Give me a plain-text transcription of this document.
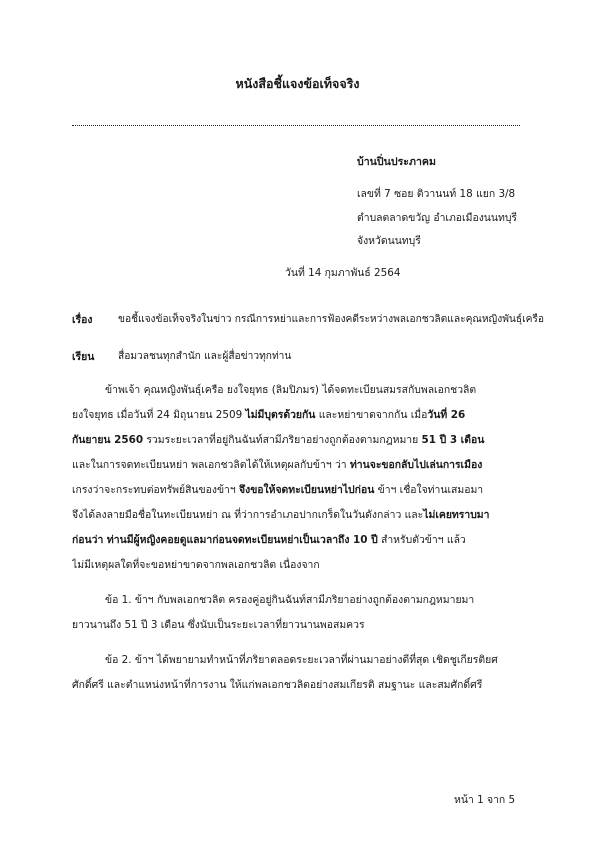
หนังสือชี้แจงข้อเท็จจริง
บ้านปิ่นประภาคม
เลขที่ 7 ซอย ติวานนท์ 18 แยก 3/8
ตำบลตลาดขวัญ อำเภอเมืองนนทบุรี
จังหวัดนนทบุรี
วันที่ 14 กุมภาพันธ์ 2564
เรื่อง	ขอชี้แจงข้อเท็จจริงในข่าว กรณีการหย่าและการฟ้องคดีระหว่างพลเอกชวลิตและคุณหญิงพันธุ์เครือ
เรียน สื่อมวลชนทุกสำนัก และผู้สื่อข่าวทุกท่าน
ข้าพเจ้า คุณหญิงพันธุ์เครือ ยงใจยุทธ (ลิมปิภมร) ได้จดทะเบียนสมรสกับพลเอกชวลิต
ยงใจยุทธ เมื่อวันที่ 24 มิถุนายน 2509 ไม่มีบุตรด้วยกัน และหย่าขาดจากกัน เมื่อวันที่ 26
กันยายน 2560 รวมระยะเวลาที่อยู่กินฉันท์สามีภริยาอย่างถูกต้องตามกฎหมาย 51 ปี 3 เดือน
และในการจดทะเบียนหย่า พลเอกชวลิตได้ให้เหตุผลกับข้าฯ ว่า ท่านจะขอกลับไปเล่นการเมือง
เกรงว่าจะกระทบต่อทรัพย์สินของข้าฯ จึงขอให้จดทะเบียนหย่าไปก่อน ข้าฯ เชื่อใจท่านเสมอมา
จึงได้ลงลายมือชื่อในทะเบียนหย่า ณ ที่ว่าการอำเภอปากเกร็ดในวันดังกล่าว และไม่เคยทราบมา
ก่อนว่า ท่านมีผู้หญิงคอยดูแลมาก่อนจดทะเบียนหย่าเป็นเวลาถึง 10 ปี สำหรับตัวข้าฯ แล้ว
ไม่มีเหตุผลใดที่จะขอหย่าขาดจากพลเอกชวลิต เนื่องจาก
ข้อ 1. ข้าฯ กับพลเอกชวลิต ครองคู่อยู่กินฉันท์สามีภริยาอย่างถูกต้องตามกฎหมายมา
ยาวนานถึง 51 ปี 3 เดือน ซึ่งนับเป็นระยะเวลาที่ยาวนานพอสมควร
ข้อ 2. ข้าฯ ได้พยายามทำหน้าที่ภริยาตลอดระยะเวลาที่ผ่านมาอย่างดีที่สุด เชิดชูเกียรติยศ
ศักดิ์ศรี และตำแหน่งหน้าที่การงาน ให้แก่พลเอกชวลิตอย่างสมเกียรติ สมฐานะ และสมศักดิ์ศรี
หน้า 1 จาก 5
